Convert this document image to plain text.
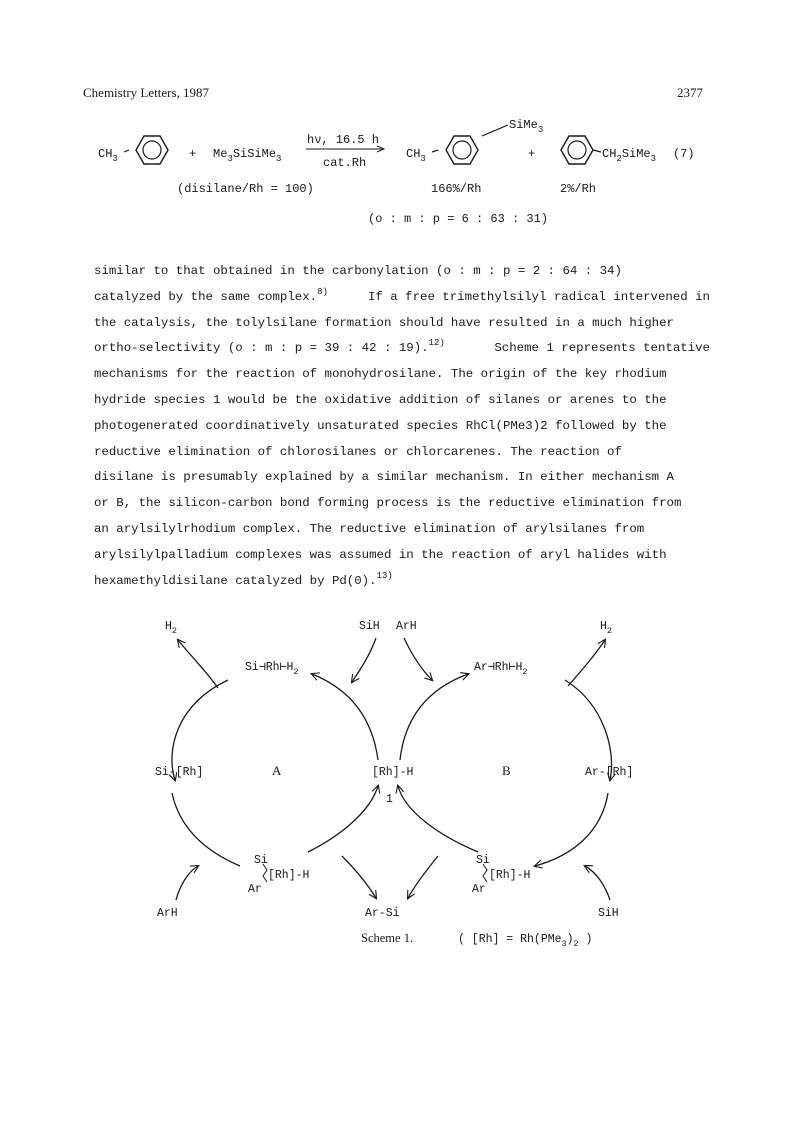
Chemistry Letters, 1987	2377
$CH_3$	+ $Me_3SiSiMe_3$
hν, 16.5 h
cat.Rh
SiMe$_3$
$CH_3$	+	$CH_2SiMe_3$ (7)
(disilane/Rh = 100)	166%/Rh	2%/Rh
(o : m : p = 6 : 63 : 31)
similar to that obtained in the carbonylation (o : m : p = 2 : 64 : 34)
catalyzed by the same complex.$^{8)}$	If a free trimethylsilyl radical intervened in
the catalysis, the tolylsilane formation should have resulted in a much higher
ortho-selectivity (o : m : p = 39 : 42 : 19).$^{12)}$	Scheme 1 represents tentative
mechanisms for the reaction of monohydrosilane. The origin of the key rhodium
hydride species 1 would be the oxidative addition of silanes or arenes to the
photogenerated coordinatively unsaturated species RhCl(PMe3)2 followed by the
reductive elimination of chlorosilanes or chlorcarenes. The reaction of
disilane is presumably explained by a similar mechanism. In either mechanism A
or B, the silicon-carbon bond forming process is the reductive elimination from
an arylsilylrhodium complex. The reductive elimination of arylsilanes from
arylsilylpalladium complexes was assumed in the reaction of aryl halides with
hexamethyldisilane catalyzed by Pd(0).$^{13)}$
$H_2$	SiH ArH	$H_2$
$Si⊣Rh⊢H_2$	$Ar⊣Rh⊢H_2$
Si-[Rh]	A	[Rh]-H	B	Ar-[Rh]
1
Si
[Rh]-H
Ar
Si
[Rh]-H
Ar
ArH	Ar-Si	SiH
Scheme 1.	( $[Rh] = Rh(PMe_3)_2$ )
